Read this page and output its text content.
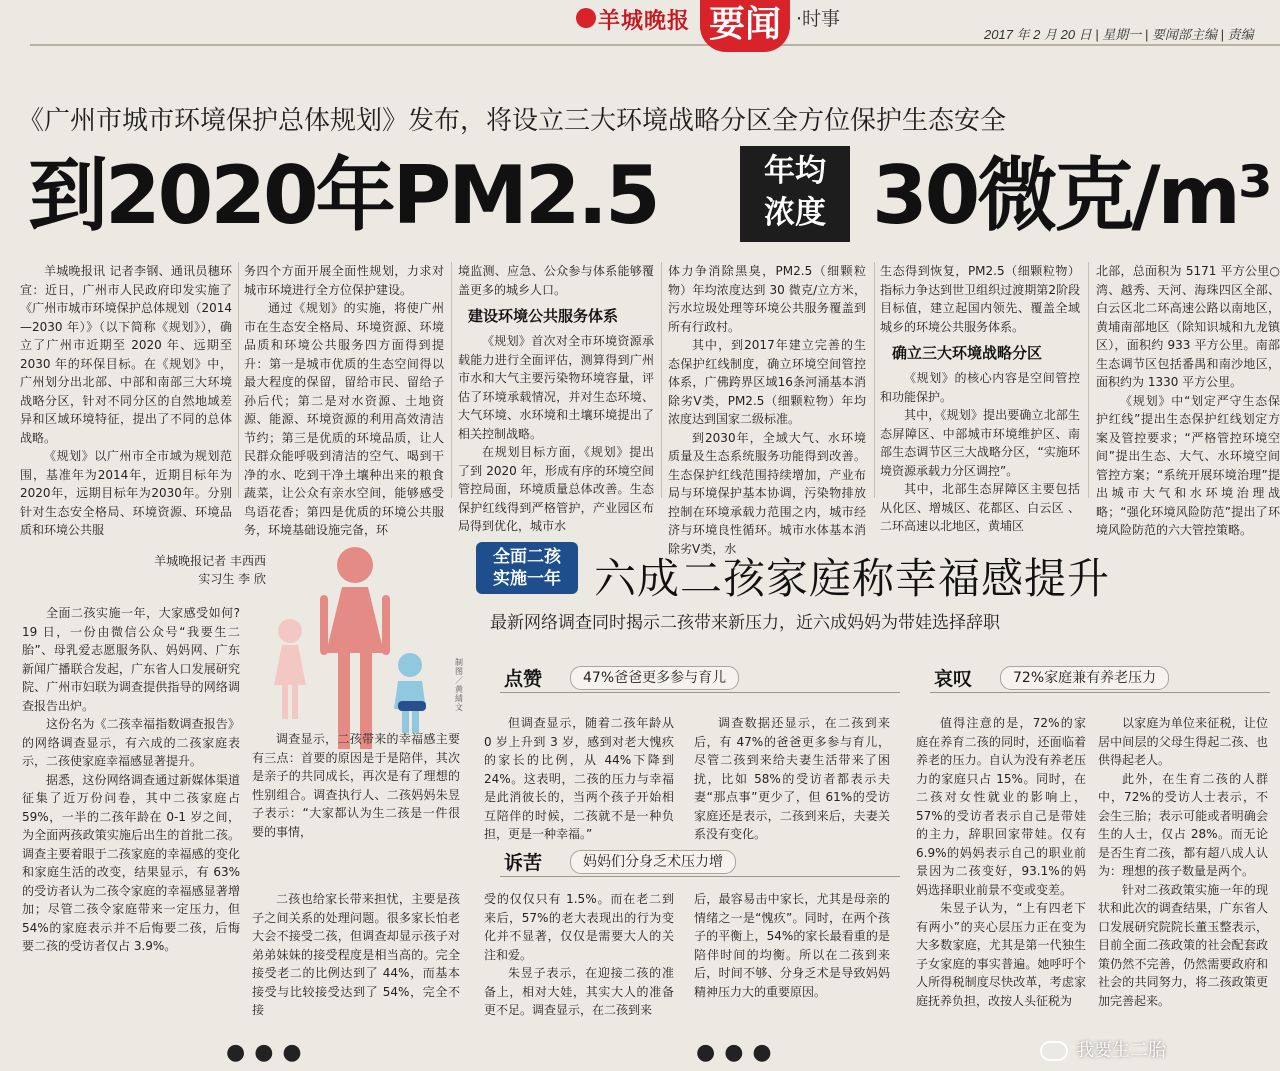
羊城晚报 要闻 ·时事
2017 年 2 月 20 日 | 星期一 | 要闻部主编 | 责编
《广州市城市环境保护总体规划》发布，将设立三大环境战略分区全方位保护生态安全
到2020年PM2.5	年均
浓度 30微克/m³

羊城晚报讯 记者李钢、通讯员穗环宣：近日，广州市人民政府印发实施了《广州市城市环境保护总体规划（2014—2030 年）》（以下简称《规划》），确立了广州市近期至 2020 年、远期至 2030 年的环保目标。在《规划》中，广州划分出北部、中部和南部三大环境战略分区，针对不同分区的自然地域差异和区域环境特征，提出了不同的总体战略。

《规划》以广州市全市域为规划范围，基准年为2014年，近期目标年为2020年，远期目标年为2030年。分别针对生态安全格局、环境资源、环境品质和环境公共服

务四个方面开展全面性规划，力求对城市环境进行全方位保护建设。

通过《规划》的实施，将使广州市在生态安全格局、环境资源、环境品质和环境公共服务四方面得到提升：第一是城市优质的生态空间得以最大程度的保留，留给市民、留给子孙后代；第二是对水资源、土地资源、能源、环境资源的利用高效清洁节约；第三是优质的环境品质，让人民群众能呼吸到清洁的空气、喝到干净的水、吃到干净土壤种出来的粮食蔬菜，让公众有亲水空间，能够感受鸟语花香；第四是优质的环境公共服务，环境基础设施完备，环

境监测、应急、公众参与体系能够覆盖更多的城乡人口。

建设环境公共服务体系

《规划》首次对全市环境资源承载能力进行全面评估，测算得到广州市水和大气主要污染物环境容量，评估了环境承载情况，并对生态环境、大气环境、水环境和土壤环境提出了相关控制战略。

在规划目标方面，《规划》提出了到 2020 年，形成有序的环境空间管控局面，环境质量总体改善。生态保护红线得到严格管护，产业园区布局得到优化，城市水

体力争消除黑臭，PM2.5（细颗粒物）年均浓度达到 30 微克/立方米，污水垃圾处理等环境公共服务覆盖到所有行政村。

其中，到2017年建立完善的生态保护红线制度，确立环境空间管控体系，广佛跨界区域16条河涌基本消除劣Ⅴ类，PM2.5（细颗粒物）年均浓度达到国家二级标准。

到2030年，全域大气、水环境质量及生态系统服务功能得到改善。生态保护红线范围持续增加，产业布局与环境保护基本协调，污染物排放控制在环境承载力范围之内，城市经济与环境良性循环。城市水体基本消除劣Ⅴ类，水

生态得到恢复，PM2.5（细颗粒物）指标力争达到世卫组织过渡期第2阶段目标值，建立起国内领先、覆盖全域城乡的环境公共服务体系。

确立三大环境战略分区

《规划》的核心内容是空间管控和功能保护。

其中，《规划》提出要确立北部生态屏障区、中部城市环境维护区、南部生态调节区三大战略分区，“实施环境资源承载力分区调控”。

其中，北部生态屏障区主要包括从化区、增城区、花都区、白云区 、二环高速以北地区，黄埔区

北部，总面积为 5171 平方公里○湾、越秀、天河、海珠四区全部、白云区北二环高速公路以南地区，黄埔南部地区（除知识城和九龙镇区），面积约 933 平方公里。南部生态调节区包括番禺和南沙地区，面积约为 1330 平方公里。

《规划》中“划定严守生态保护红线”提出生态保护红线划定方案及管控要求；“严格管控环境空间”提出生态、大气、水环境空间管控方案；“系统开展环境治理”提出城市大气和水环境治理战略；“强化环境风险防范”提出了环境风险防范的六大管控策略。

羊城晚报记者 丰西西
实习生 李 欣
制图／黄綪文
全面二孩
实施一年 六成二孩家庭称幸福感提升
最新网络调查同时揭示二孩带来新压力，近六成妈妈为带娃选择辞职

全面二孩实施一年，大家感受如何?19 日，一份由微信公众号“我要生二胎”、母乳爱志愿服务队、妈妈网、广东新闻广播联合发起，广东省人口发展研究院、广州市妇联为调查提供指导的网络调查报告出炉。

这份名为《二孩幸福指数调查报告》的网络调查显示，有六成的二孩家庭表示，二孩使家庭幸福感显著提升。

据悉，这份网络调查通过新媒体渠道征集了近万份问卷，其中二孩家庭占 59%，一半的二孩年龄在 0-1 岁之间，为全面两孩政策实施后出生的首批二孩。调查主要着眼于二孩家庭的幸福感的变化和家庭生活的改变，结果显示，有 63%的受访者认为二孩令家庭的幸福感显著增加；尽管二孩令家庭带来一定压力，但 54%的家庭表示并不后悔要二孩，后悔要二孩的受访者仅占 3.9%。

调查显示，二孩带来的幸福感主要有三点：首要的原因是于是陪伴，其次是亲子的共同成长，再次是有了理想的性别组合。调查执行人、二孩妈妈朱昱子表示：“大家都认为生二孩是一件很要的事情，

点赞	47%爸爸更多参与育儿	哀叹	72%家庭兼有养老压力

但调查显示，随着二孩年龄从 0 岁上升到 3 岁，感到对老大愧疚的家长的比例，从 44%下降到 24%。这表明，二孩的压力与幸福是此消彼长的，当两个孩子开始相互陪伴的时候，二孩就不是一种负担，更是一种幸福。”

调查数据还显示，在二孩到来后，有 47%的爸爸更多参与育儿，尽管二孩到来给夫妻生活带来了困扰，比如 58%的受访者都表示夫妻“那点事”更少了，但 61%的受访家庭还是表示，二孩到来后，夫妻关系没有变化。

值得注意的是，72%的家庭在养育二孩的同时，还面临着养老的压力。自认为没有养老压力的家庭只占 15%。同时，在二孩对女性就业的影响上，57%的受访者表示自己是带娃的主力，辞职回家带娃。仅有 6.9%的妈妈表示自己的职业前景因为二孩变好，93.1%的妈妈选择职业前景不变或变差。

朱昱子认为，“上有四老下有两小”的夹心层压力正在变为大多数家庭，尤其是第一代独生子女家庭的事实普遍。她呼吁个人所得税制度尽快改革，考虑家庭抚养负担，改按人头征税为

以家庭为单位来征税，让位居中间层的父母生得起二孩、也供得起老人。

此外，在生育二孩的人群中，72%的受访人士表示，不会生三胎；表示可能或者明确会生的人士，仅占 28%。而无论是否生育二孩，都有超八成人认为：理想的孩子数量是两个。

针对二孩政策实施一年的现状和此次的调查结果，广东省人口发展研究院院长董玉整表示，目前全面二孩政策的社会配套政策仍然不完善，仍然需要政府和社会的共同努力，将二孩政策更加完善起来。

诉苦	妈妈们分身乏术压力增

二孩也给家长带来担忧，主要是孩子之间关系的处理问题。很多家长怕老大会不接受二孩，但调查却显示孩子对弟弟妹妹的接受程度是相当高的。完全接受老二的比例达到了 44%，而基本接受与比较接受达到了 54%，完全不接

受的仅仅只有 1.5%。而在老二到来后，57%的老大表现出的行为变化并不显著，仅仅是需要大人的关注和爱。

朱昱子表示，在迎接二孩的准备上，相对大娃，其实大人的准备更不足。调查显示，在二孩到来

后，最容易击中家长，尤其是母亲的情绪之一是“愧疚”。同时，在两个孩子的平衡上，54%的家长最看重的是陪伴时间的均衡。所以在二孩到来后，时间不够、分身乏术是导致妈妈精神压力大的重要原因。

● ● ●	● ● ●	我要生二胎
